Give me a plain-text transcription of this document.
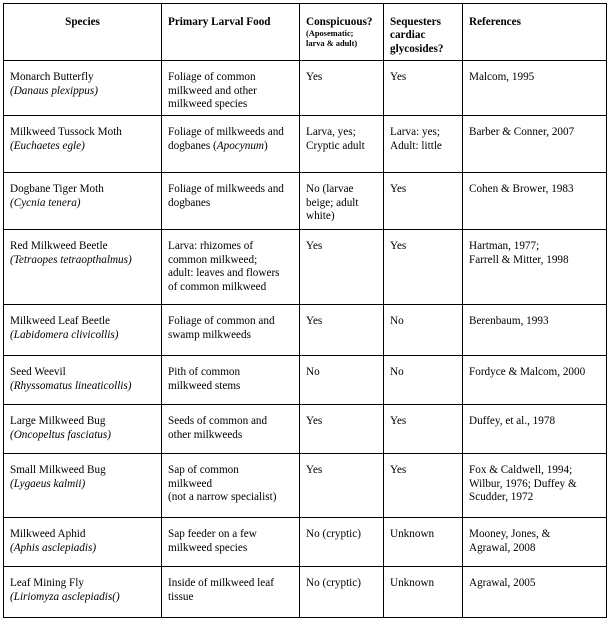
Species	Primary Larval Food	Conspicuous?
(Aposematic;
larva & adult)	Sequesters cardiac glycosides?	References

Monarch Butterfly
(Danaus plexippus)	Foliage of common
milkweed and other
milkweed species	Yes	Yes	Malcom, 1995

Milkweed Tussock Moth
(Euchaetes egle)	Foliage of milkweeds and
dogbanes (Apocynum)	Larva, yes;
Cryptic adult	Larva: yes;
Adult: little	Barber & Conner, 2007

Dogbane Tiger Moth
(Cycnia tenera)	Foliage of milkweeds and
dogbanes	No (larvae
beige; adult
white)	Yes	Cohen & Brower, 1983

Red Milkweed Beetle
(Tetraopes tetraopthalmus)	Larva: rhizomes of
common milkweed;
adult: leaves and flowers
of common milkweed	Yes	Yes	Hartman, 1977;
Farrell & Mitter, 1998

Milkweed Leaf Beetle
(Labidomera clivicollis)	Foliage of common and
swamp milkweeds	Yes	No	Berenbaum, 1993

Seed Weevil
(Rhyssomatus lineaticollis)	Pith of common
milkweed stems	No	No	Fordyce & Malcom, 2000

Large Milkweed Bug
(Oncopeltus fasciatus)	Seeds of common and
other milkweeds	Yes	Yes	Duffey, et al., 1978

Small Milkweed Bug
(Lygaeus kalmii)	Sap of common
milkweed
(not a narrow specialist)	Yes	Yes	Fox & Caldwell, 1994;
Wilbur, 1976; Duffey &
Scudder, 1972

Milkweed Aphid
(Aphis asclepiadis)	Sap feeder on a few
milkweed species	No (cryptic)	Unknown	Mooney, Jones, &
Agrawal, 2008

Leaf Mining Fly
(Liriomyza asclepiadis()	Inside of milkweed leaf
tissue	No (cryptic)	Unknown	Agrawal, 2005
